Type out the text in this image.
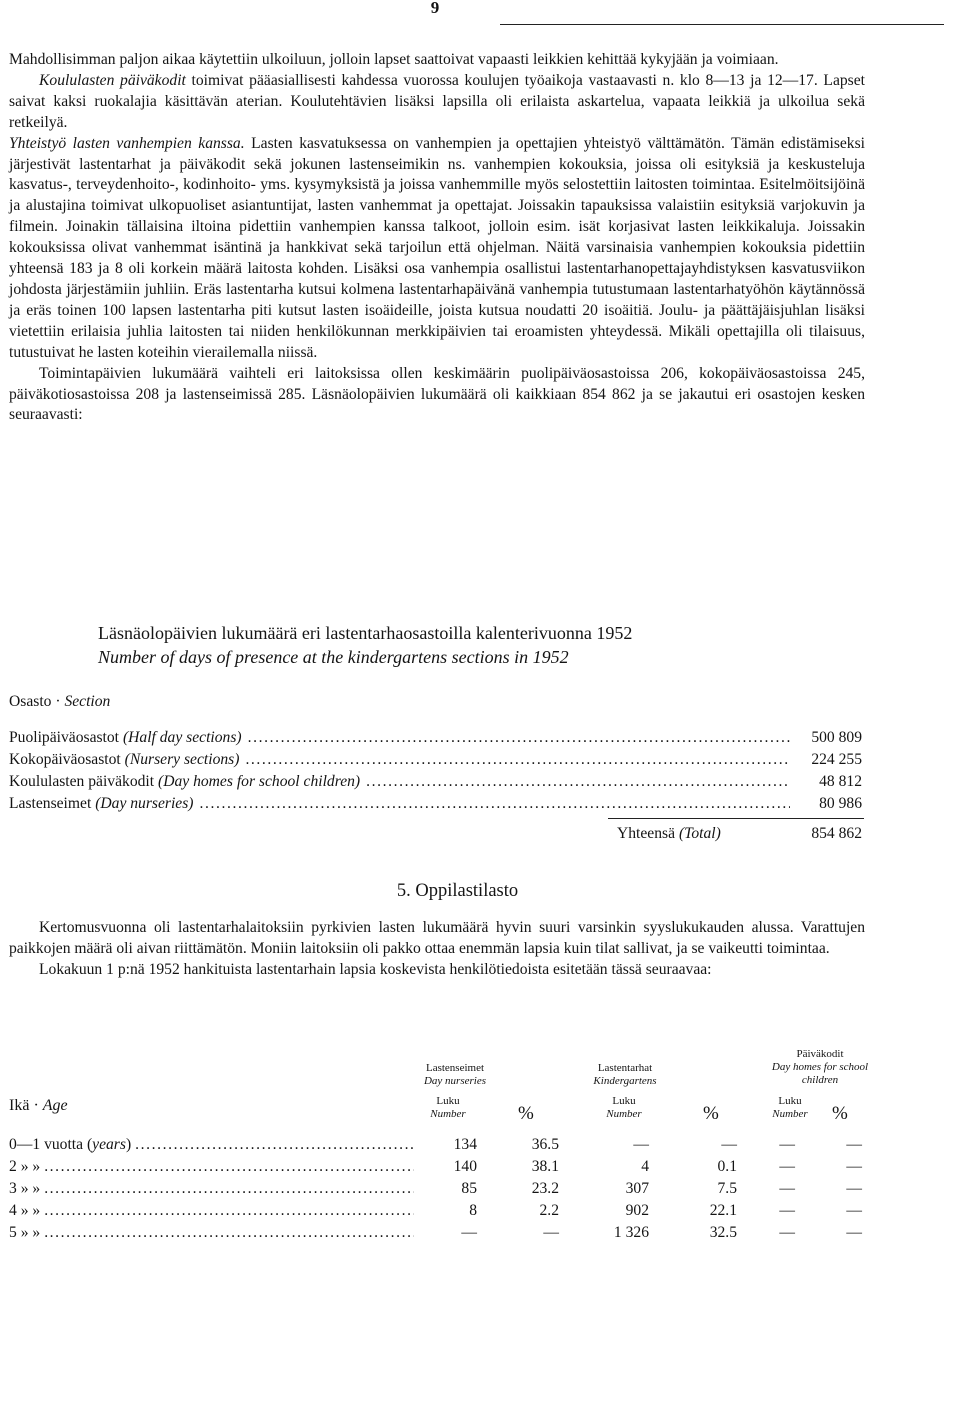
9

Mahdollisimman paljon aikaa käytettiin ulkoiluun, jolloin lapset saattoivat vapaasti leikkien kehittää kykyjään ja voimiaan.

Koululasten päiväkodit toimivat pääasiallisesti kahdessa vuorossa koulujen työaikoja vastaavasti n. klo 8—13 ja 12—17. Lapset saivat kaksi ruokalajia käsittävän aterian. Koulutehtävien lisäksi lapsilla oli erilaista askartelua, vapaata leikkiä ja ulkoilua sekä retkeilyä.

Yhteistyö lasten vanhempien kanssa. Lasten kasvatuksessa on vanhempien ja opettajien yhteistyö välttämätön. Tämän edistämiseksi järjestivät lastentarhat ja päiväkodit sekä jokunen lastenseimikin ns. vanhempien kokouksia, joissa oli esityksiä ja keskusteluja kasvatus-, terveydenhoito-, kodinhoito- yms. kysymyksistä ja joissa vanhemmille myös selostettiin laitosten toimintaa. Esitelmöitsijöinä ja alustajina toimivat ulkopuoliset asiantuntijat, lasten vanhemmat ja opettajat. Joissakin tapauksissa valaistiin esityksiä varjokuvin ja filmein. Joinakin tällaisina iltoina pidettiin vanhempien kanssa talkoot, jolloin esim. isät korjasivat lasten leikkikaluja. Joissakin kokouksissa olivat vanhemmat isäntinä ja hankkivat sekä tarjoilun että ohjelman. Näitä varsinaisia vanhempien kokouksia pidettiin yhteensä 183 ja 8 oli korkein määrä laitosta kohden. Lisäksi osa vanhempia osallistui lastentarhanopettajayhdistyksen kasvatusviikon johdosta järjestämiin juhliin. Eräs lastentarha kutsui kolmena lastentarhapäivänä vanhempia tutustumaan lastentarhatyöhön käytännössä ja eräs toinen 100 lapsen lastentarha piti kutsut lasten isoäideille, joista kutsua noudatti 20 isoäitiä. Joulu- ja päättäjäisjuhlan lisäksi vietettiin erilaisia juhlia laitosten tai niiden henkilökunnan merkkipäivien tai eroamisten yhteydessä. Mikäli opettajilla oli tilaisuus, tutustuivat he lasten koteihin vierailemalla niissä.

Toimintapäivien lukumäärä vaihteli eri laitoksissa ollen keskimäärin puolipäiväosastoissa 206, kokopäiväosastoissa 245, päiväkotiosastoissa 208 ja lastenseimissä 285. Läsnäolopäivien lukumäärä oli kaikkiaan 854 862 ja se jakautui eri osastojen kesken seuraavasti:

Läsnäolopäivien lukumäärä eri lastentarhaosastoilla kalenterivuonna 1952
Number of days of presence at the kindergartens sections in 1952
Osasto · Section
Puolipäiväosastot (Half day sections) .....	500 809
Kokopäiväosastot (Nursery sections) .....	224 255
Koululasten päiväkodit (Day homes for school children) .....	48 812
Lastenseimet (Day nurseries) .....	80 986
Yhteensä (Total)	854 862
5. Oppilastilasto

Kertomusvuonna oli lastentarhalaitoksiin pyrkivien lasten lukumäärä hyvin suuri varsinkin syyslukukauden alussa. Varattujen paikkojen määrä oli aivan riittämätön. Moniin laitoksiin oli pakko ottaa enemmän lapsia kuin tilat sallivat, ja se vaikeutti toimintaa.

Lokakuun 1 p:nä 1952 hankituista lastentarhain lapsia koskevista henkilötiedoista esitetään tässä seuraavaa:

Lastenseimet
Day nurseries
Lastentarhat
Kindergartens
Päiväkodit
Day homes for school children
Ikä · Age	Luku
Number	%
Luku
Number	%
Luku
Number	%
0—1 vuotta (years) .....	134	36.5	—	—	—	—
2 » » .....	140	38.1	4	0.1	—	—
3 » » .....	85	23.2	307	7.5	—	—
4 » » .....	8	2.2	902	22.1	—	—
5 » » .....	—	—	1 326	32.5	—	—
